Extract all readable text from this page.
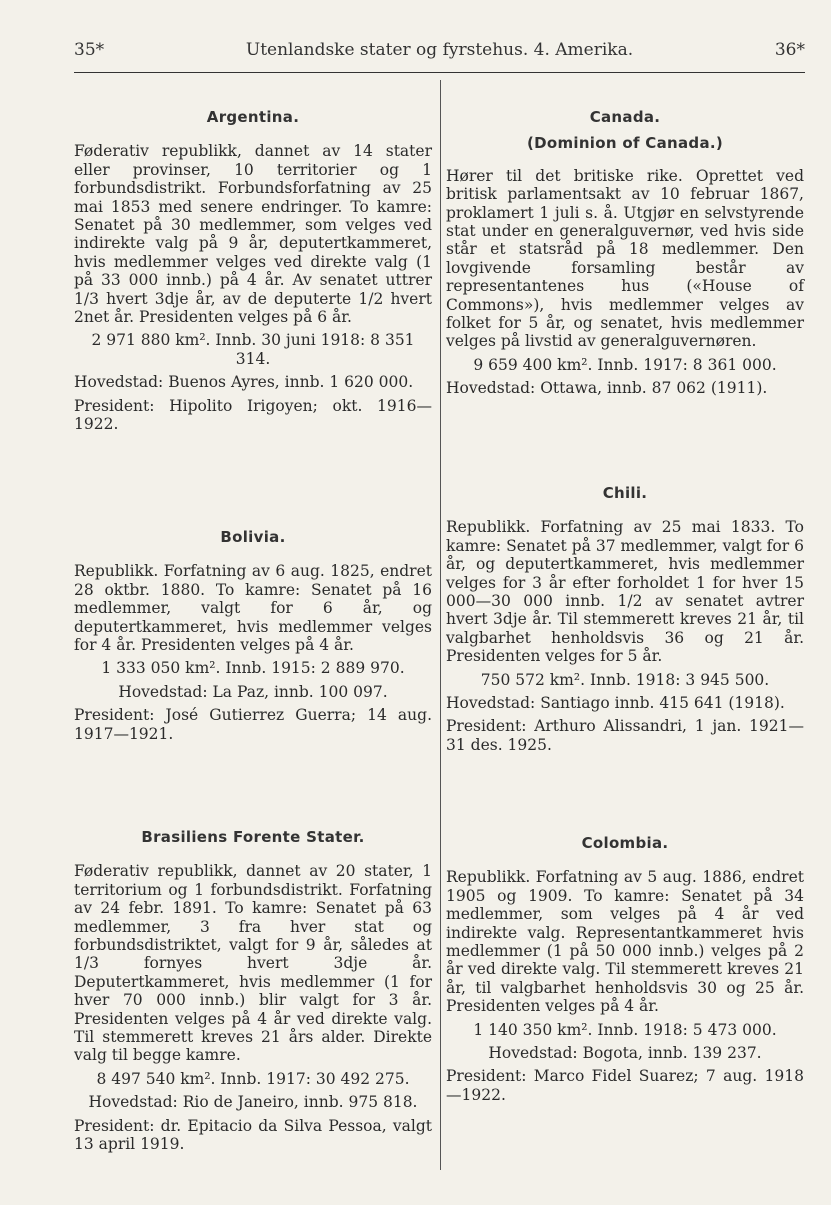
35*	Utenlandske stater og fyrstehus. 4. Amerika.	36*
Argentina.

Føderativ republikk, dannet av 14 stater eller provinser, 10 territorier og 1 forbundsdistrikt. Forbundsforfatning av 25 mai 1853 med senere endringer. To kamre: Senatet på 30 medlemmer, som velges ved indirekte valg på 9 år, deputertkammeret, hvis medlemmer velges ved direkte valg (1 på 33 000 innb.) på 4 år. Av senatet uttrer 1/3 hvert 3dje år, av de deputerte 1/2 hvert 2net år. Presidenten velges på 6 år.

2 971 880 km². Innb. 30 juni 1918: 8 351 314.

Hovedstad: Buenos Ayres, innb. 1 620 000.

President: Hipolito Irigoyen; okt. 1916—1922.

Bolivia.

Republikk. Forfatning av 6 aug. 1825, endret 28 oktbr. 1880. To kamre: Senatet på 16 medlemmer, valgt for 6 år, og deputertkammeret, hvis medlemmer velges for 4 år. Presidenten velges på 4 år.

1 333 050 km². Innb. 1915: 2 889 970.

Hovedstad: La Paz, innb. 100 097.

President: José Gutierrez Guerra; 14 aug. 1917—1921.

Brasiliens Forente Stater.

Føderativ republikk, dannet av 20 stater, 1 territorium og 1 forbundsdistrikt. Forfatning av 24 febr. 1891. To kamre: Senatet på 63 medlemmer, 3 fra hver stat og forbundsdistriktet, valgt for 9 år, således at 1/3 fornyes hvert 3dje år. Deputertkammeret, hvis medlemmer (1 for hver 70 000 innb.) blir valgt for 3 år. Presidenten velges på 4 år ved direkte valg. Til stemmerett kreves 21 års alder. Direkte valg til begge kamre.

8 497 540 km². Innb. 1917: 30 492 275.

Hovedstad: Rio de Janeiro, innb. 975 818.

President: dr. Epitacio da Silva Pessoa, valgt 13 april 1919.

Canada.
(Dominion of Canada.)

Hører til det britiske rike. Oprettet ved britisk parlamentsakt av 10 februar 1867, proklamert 1 juli s. å. Utgjør en selvstyrende stat under en generalguvernør, ved hvis side står et statsråd på 18 medlemmer. Den lovgivende forsamling består av representantenes hus («House of Commons»), hvis medlemmer velges av folket for 5 år, og senatet, hvis medlemmer velges på livstid av generalguvernøren.

9 659 400 km². Innb. 1917: 8 361 000.

Hovedstad: Ottawa, innb. 87 062 (1911).

Chili.

Republikk. Forfatning av 25 mai 1833. To kamre: Senatet på 37 medlemmer, valgt for 6 år, og deputertkammeret, hvis medlemmer velges for 3 år efter forholdet 1 for hver 15 000—30 000 innb. 1/2 av senatet avtrer hvert 3dje år. Til stemmerett kreves 21 år, til valgbarhet henholdsvis 36 og 21 år. Presidenten velges for 5 år.

750 572 km². Innb. 1918: 3 945 500.

Hovedstad: Santiago innb. 415 641 (1918).

President: Arthuro Alissandri, 1 jan. 1921—31 des. 1925.

Colombia.

Republikk. Forfatning av 5 aug. 1886, endret 1905 og 1909. To kamre: Senatet på 34 medlemmer, som velges på 4 år ved indirekte valg. Representantkammeret hvis medlemmer (1 på 50 000 innb.) velges på 2 år ved direkte valg. Til stemmerett kreves 21 år, til valgbarhet henholdsvis 30 og 25 år. Presidenten velges på 4 år.

1 140 350 km². Innb. 1918: 5 473 000.

Hovedstad: Bogota, innb. 139 237.

President: Marco Fidel Suarez; 7 aug. 1918—1922.
